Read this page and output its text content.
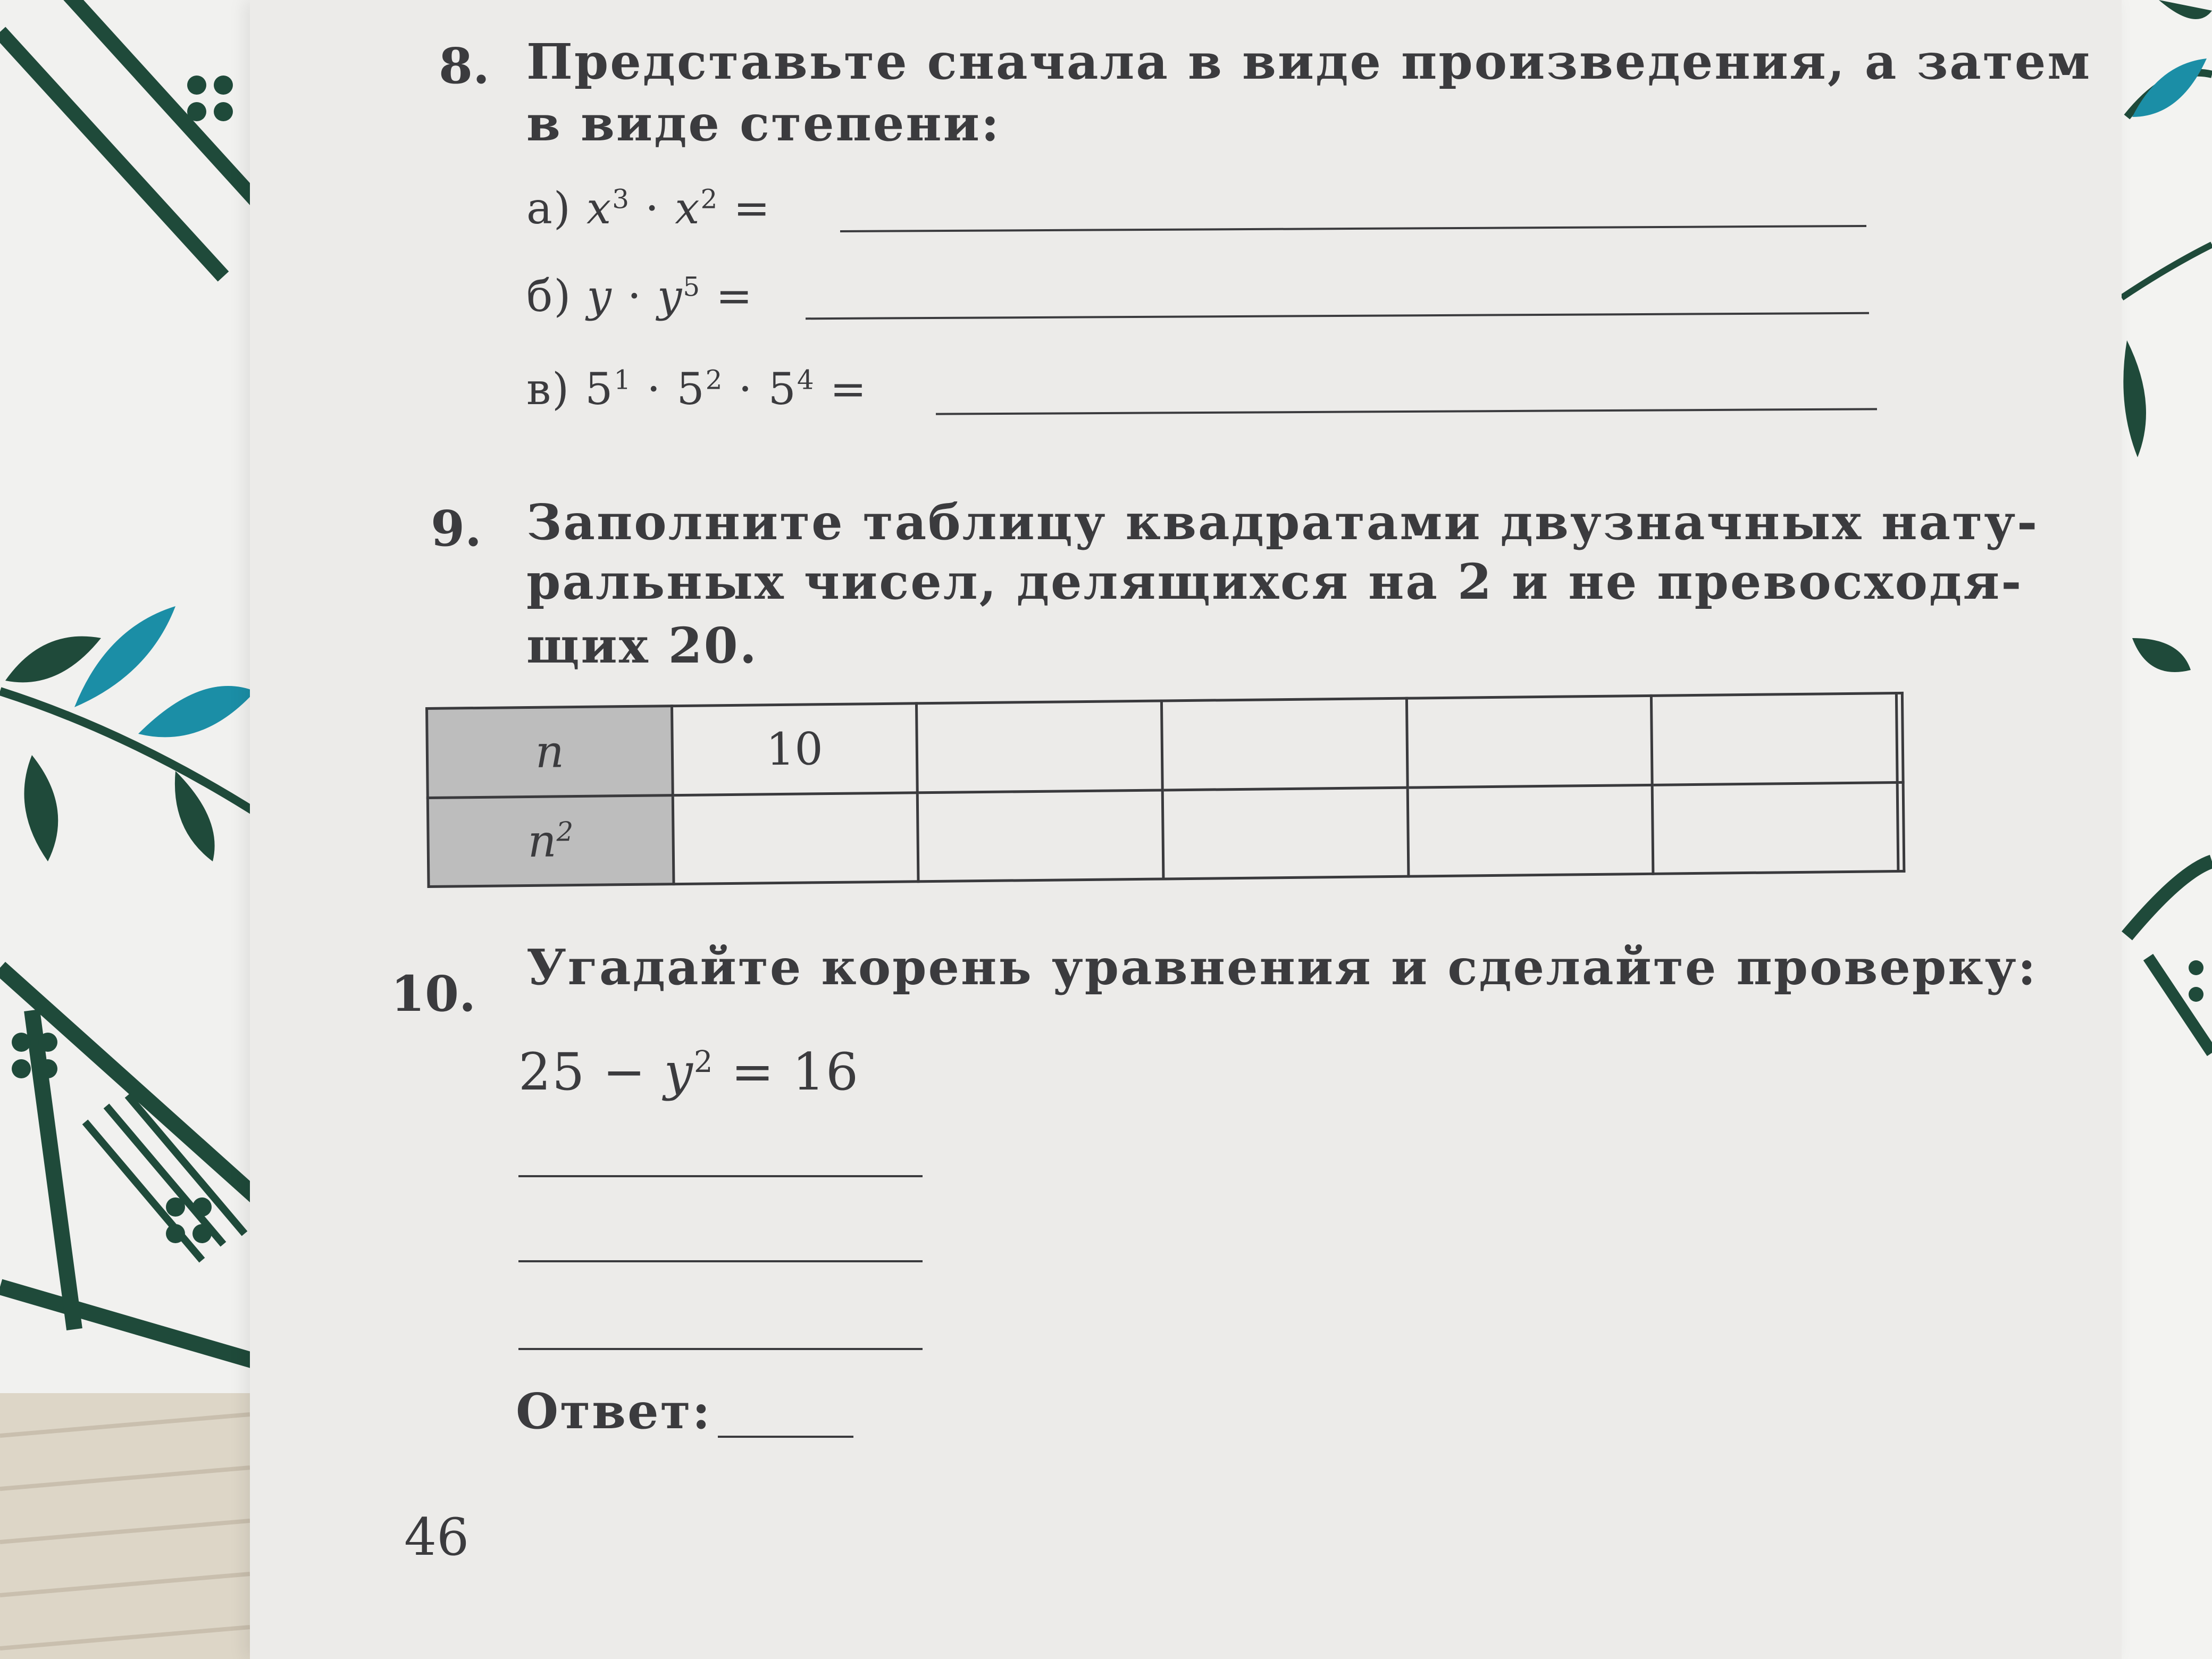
8. Представьте сначала в виде произведения, а затем
в виде степени:
а) $x^3 \cdot x^2$ =
б) $y \cdot y^5$ =
в) $5^1 \cdot 5^2 \cdot 5^4$ =
9. Заполните таблицу квадратами двузначных нату-
ральных чисел, делящихся на 2 и не превосходя-
щих 20.
n	10					
$n^2$						
10. Угадайте корень уравнения и сделайте проверку:
$25 - y^2 = 16$
Ответ:
46
